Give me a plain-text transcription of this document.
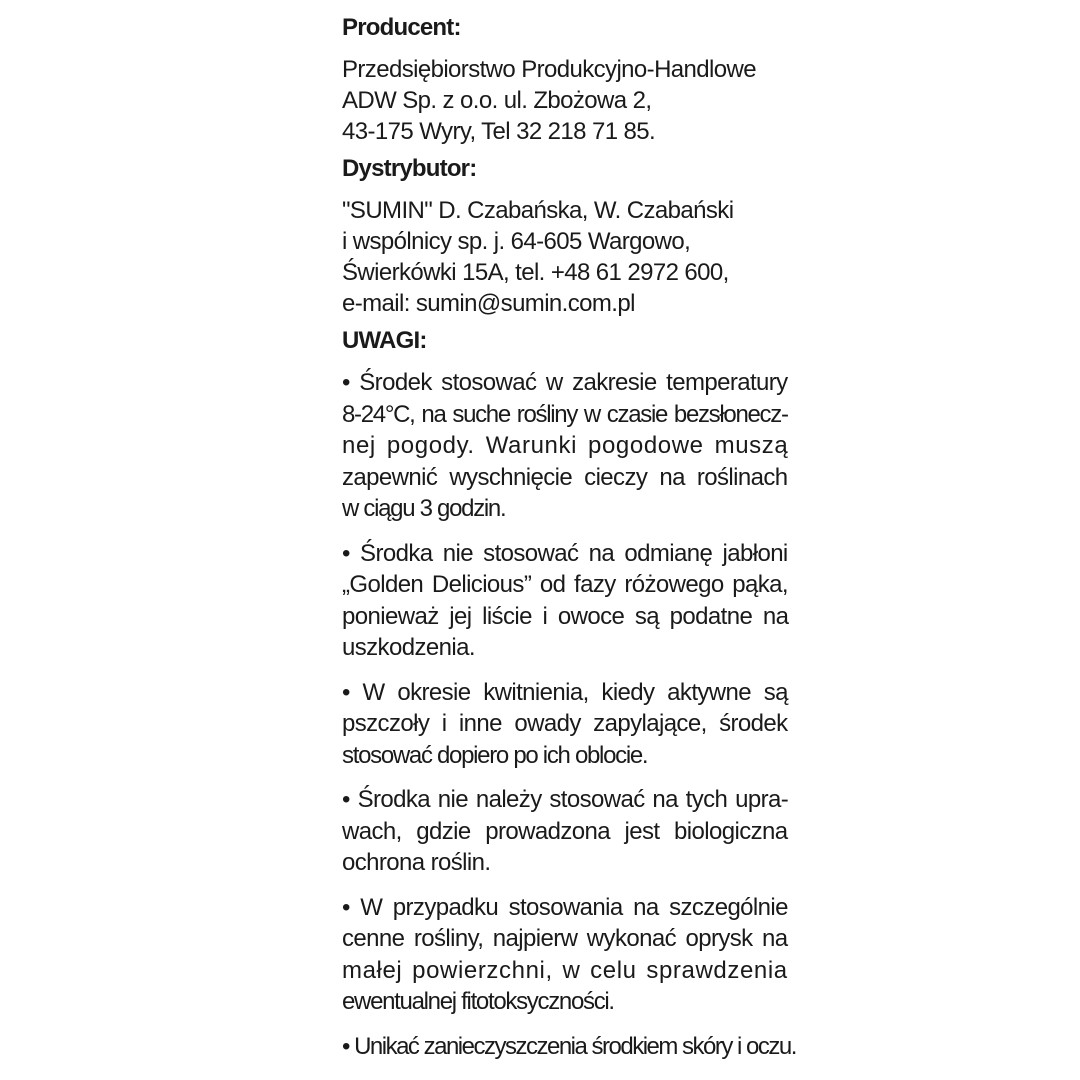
Producent:
Przedsiębiorstwo Produkcyjno-Handlowe
ADW Sp. z o.o. ul. Zbożowa 2,
43-175 Wyry, Tel 32 218 71 85.
Dystrybutor:
"SUMIN" D. Czabańska, W. Czabański
i wspólnicy sp. j. 64-605 Wargowo,
Świerkówki 15A, tel. +48 61 2972 600,
e-mail: sumin@sumin.com.pl
UWAGI:
• Środek stosować w zakresie temperatury
8-24°C, na suche rośliny w czasie bezsłonecz-
nej pogody. Warunki pogodowe muszą
zapewnić wyschnięcie cieczy na roślinach
w ciągu 3 godzin.
• Środka nie stosować na odmianę jabłoni
„Golden Delicious” od fazy różowego pąka,
ponieważ jej liście i owoce są podatne na
uszkodzenia.
• W okresie kwitnienia, kiedy aktywne są
pszczoły i inne owady zapylające, środek
stosować dopiero po ich oblocie.
• Środka nie należy stosować na tych upra-
wach, gdzie prowadzona jest biologiczna
ochrona roślin.
• W przypadku stosowania na szczególnie
cenne rośliny, najpierw wykonać oprysk na
małej powierzchni, w celu sprawdzenia
ewentualnej fitotoksyczności.
• Unikać zanieczyszczenia środkiem skóry i oczu.
